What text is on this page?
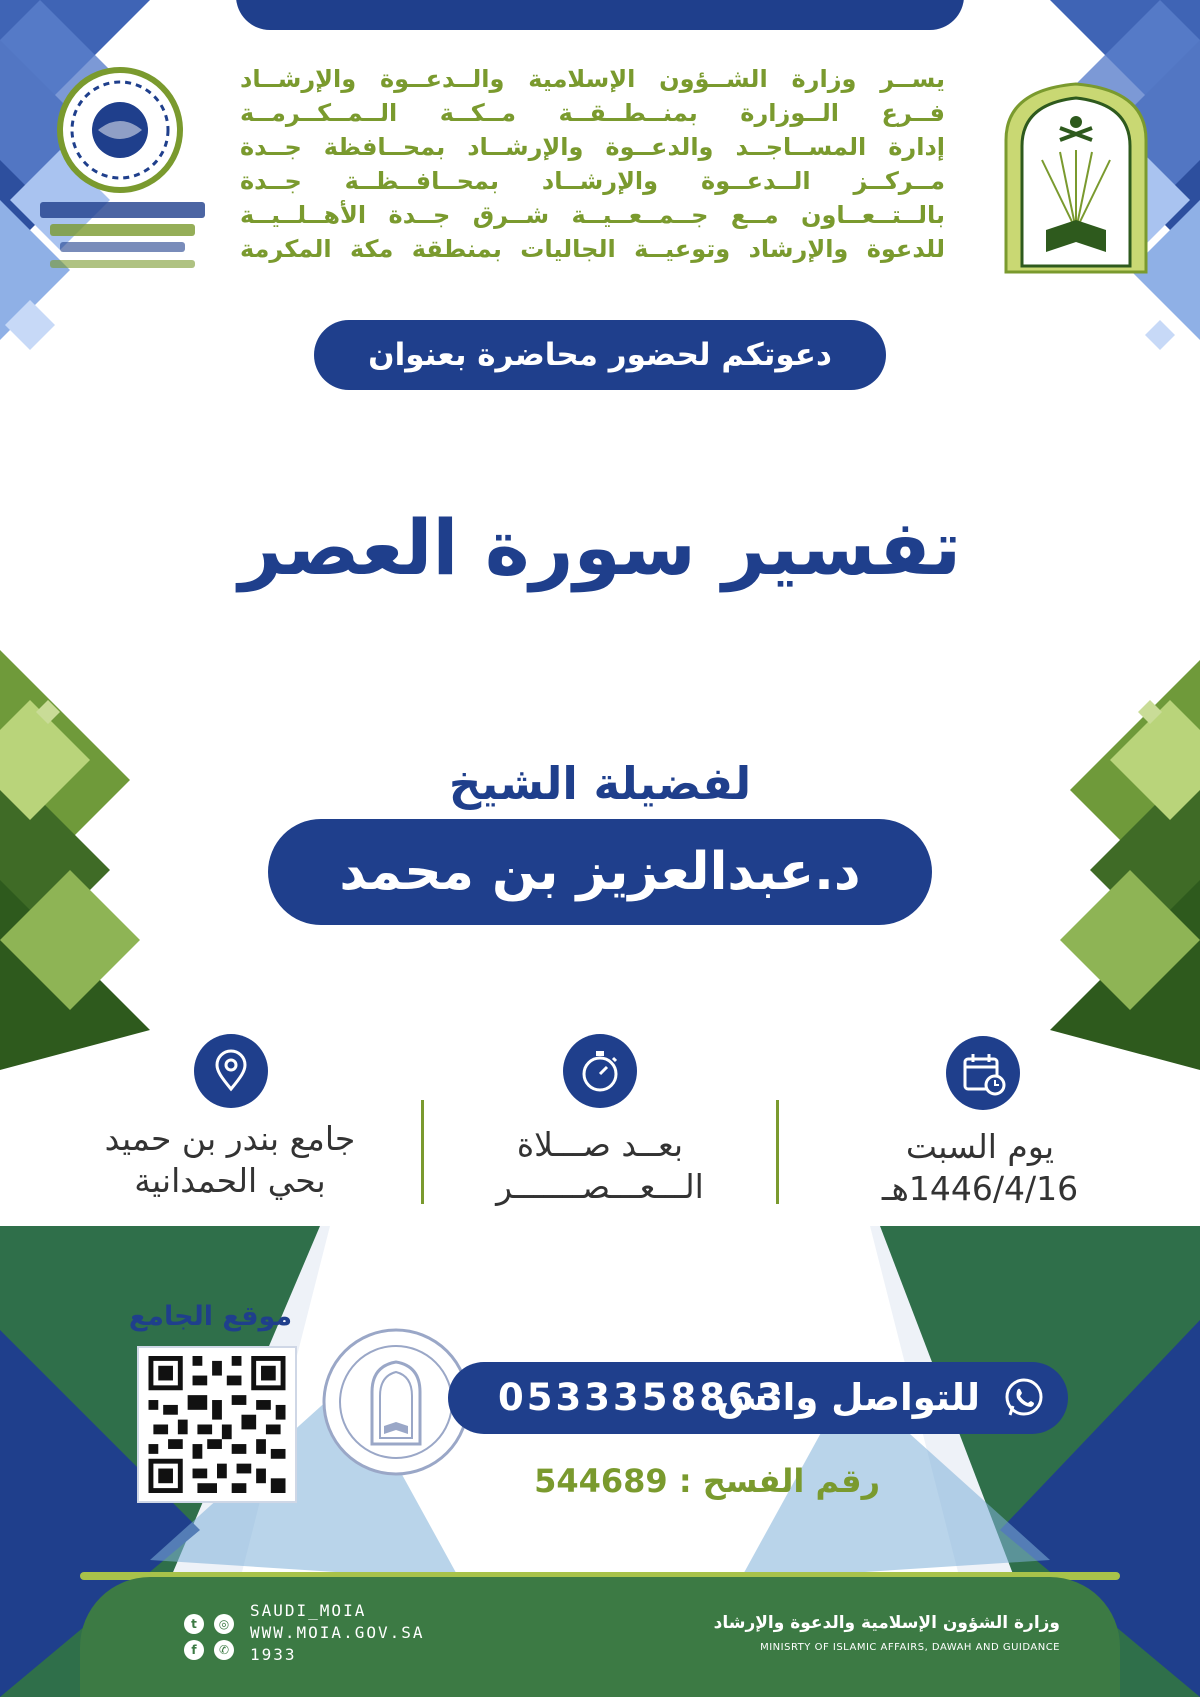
يســر وزارة الشــؤون الإسلامية والــدعــوة والإرشــاد
فــرع الــوزارة بمنــطــقــة مــكــة الــمــكــرمــة
إدارة المســاجــد والدعــوة والإرشــاد بمحــافظة جــدة
مــركــز الــدعــوة والإرشــاد بمحــافــظــة جــدة
بالــتــعــاون مــع جــمــعــيــة شــرق جــدة الأهــلــيــة
للدعوة والإرشاد وتوعيــة الجاليات بمنطقة مكة المكرمة
دعوتكم لحضور محاضرة بعنوان
تفسير سورة العصر
لفضيلة الشيخ
د.عبدالعزيز بن محمد السدحان
يوم السبت
1446/4/16هـ
بعــد صـــلاة
الـــعـــصـــــــر
جامع بندر بن حميد
بحي الحمدانية
موقع الجامع
للتواصل واتس
0533358863
رقم الفسح : 544689
t	◎
f	✆
SAUDI_MOIA
WWW.MOIA.GOV.SA
1933
وزارة الشؤون الإسلامية والدعوة والإرشاد
MINISRTY OF ISLAMIC AFFAIRS, DAWAH AND GUIDANCE
